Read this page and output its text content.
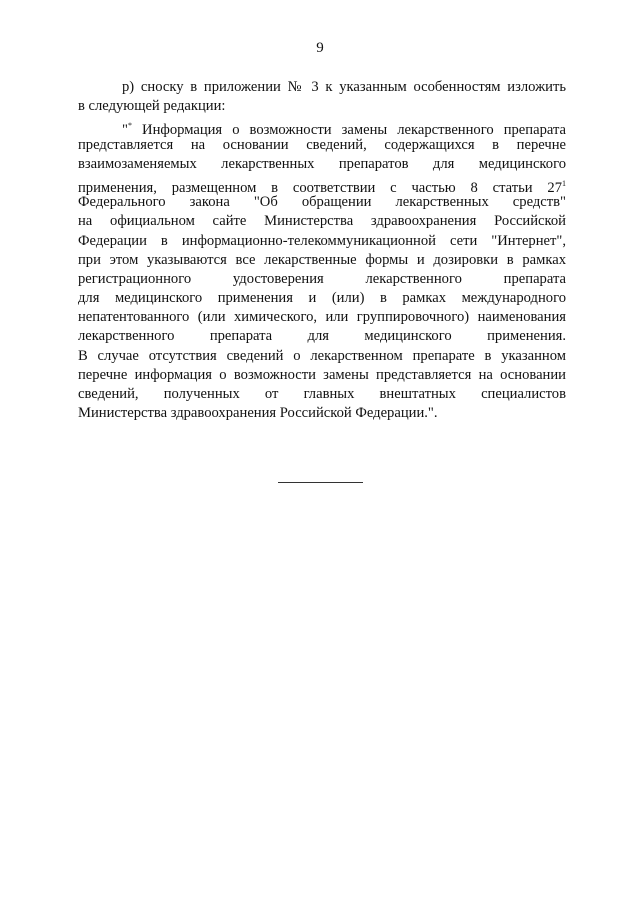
9
р) сноску в приложении № 3 к указанным особенностям изложить
в следующей редакции:
"* Информация о возможности замены лекарственного препарата
представляется на основании сведений, содержащихся в перечне
взаимозаменяемых лекарственных препаратов для медицинского
применения, размещенном в соответствии с частью 8 статьи $27^1$
Федерального закона "Об обращении лекарственных средств"
на официальном сайте Министерства здравоохранения Российской
Федерации в информационно-телекоммуникационной сети "Интернет",
при этом указываются все лекарственные формы и дозировки в рамках
регистрационного удостоверения лекарственного препарата
для медицинского применения и (или) в рамках международного
непатентованного (или химического, или группировочного) наименования
лекарственного препарата для медицинского применения.
В случае отсутствия сведений о лекарственном препарате в указанном
перечне информация о возможности замены представляется на основании
сведений, полученных от главных внештатных специалистов
Министерства здравоохранения Российской Федерации.".
